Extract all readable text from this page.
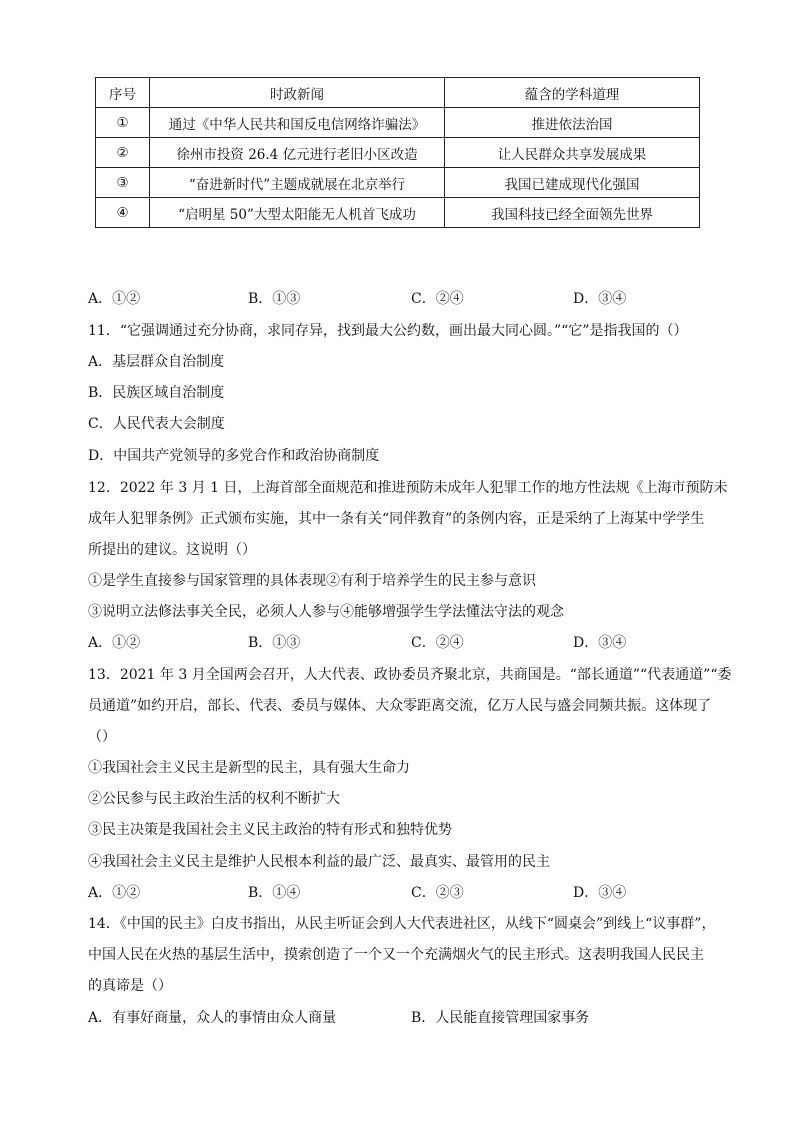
序号	时政新闻	蕴含的学科道理
①	通过《中华人民共和国反电信网络诈骗法》	推进依法治国
②	徐州市投资 26.4 亿元进行老旧小区改造	让人民群众共享发展成果
③	“奋进新时代”主题成就展在北京举行	我国已建成现代化强国
④	“启明星 50”大型太阳能无人机首飞成功	我国科技已经全面领先世界
A．①②	B．①③	C．②④	D．③④
11．“它强调通过充分协商，求同存异，找到最大公约数，画出最大同心圆。”“它”是指我国的（）
A．基层群众自治制度
B．民族区域自治制度
C．人民代表大会制度
D．中国共产党领导的多党合作和政治协商制度
12．2022 年 3 月 1 日，上海首部全面规范和推进预防未成年人犯罪工作的地方性法规《上海市预防未
成年人犯罪条例》正式颁布实施，其中一条有关“同伴教育”的条例内容，正是采纳了上海某中学学生
所提出的建议。这说明（）
①是学生直接参与国家管理的具体表现②有利于培养学生的民主参与意识
③说明立法修法事关全民，必须人人参与④能够增强学生学法懂法守法的观念
A．①②	B．①③	C．②④	D．③④
13．2021 年 3 月全国两会召开，人大代表、政协委员齐聚北京，共商国是。“部长通道”“代表通道”“委
员通道”如约开启，部长、代表、委员与媒体、大众零距离交流，亿万人民与盛会同频共振。这体现了
（）
①我国社会主义民主是新型的民主，具有强大生命力
②公民参与民主政治生活的权利不断扩大
③民主决策是我国社会主义民主政治的特有形式和独特优势
④我国社会主义民主是维护人民根本利益的最广泛、最真实、最管用的民主
A．①②	B．①④	C．②③	D．③④
14．《中国的民主》白皮书指出，从民主听证会到人大代表进社区，从线下“圆桌会”到线上“议事群”，
中国人民在火热的基层生活中，摸索创造了一个又一个充满烟火气的民主形式。这表明我国人民民主
的真谛是（）
A．有事好商量，众人的事情由众人商量	B．人民能直接管理国家事务
